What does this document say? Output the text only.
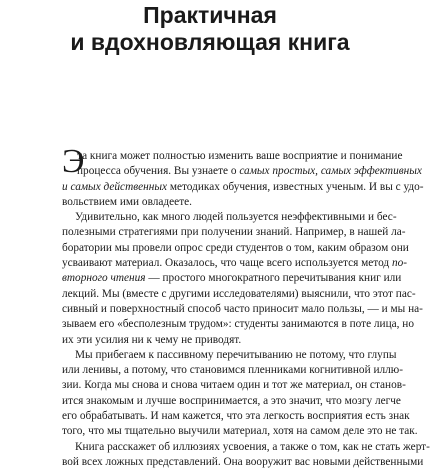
Практичная
и вдохновляющая книга
Э
та книга может полностью изменить ваше восприятие и понимание
процесса обучения. Вы узнаете о самых простых, самых эффективных
и самых действенных методиках обучения, известных ученым. И вы с удо-
вольствием ими овладеете.
Удивительно, как много людей пользуется неэффективными и бес-
полезными стратегиями при получении знаний. Например, в нашей ла-
боратории мы провели опрос среди студентов о том, каким образом они
усваивают материал. Оказалось, что чаще всего используется метод по-
вторного чтения — простого многократного перечитывания книг или
лекций. Мы (вместе с другими исследователями) выяснили, что этот пас-
сивный и поверхностный способ часто приносит мало пользы, — и мы на-
зываем его «бесполезным трудом»: студенты занимаются в поте лица, но
их эти усилия ни к чему не приводят.
Мы прибегаем к пассивному перечитыванию не потому, что глупы
или ленивы, а потому, что становимся пленниками когнитивной иллю-
зии. Когда мы снова и снова читаем один и тот же материал, он станов-
ится знакомым и лучше воспринимается, а это значит, что мозгу легче
его обрабатывать. И нам кажется, что эта легкость восприятия есть знак
того, что мы тщательно выучили материал, хотя на самом деле это не так.
Книга расскажет об иллюзиях усвоения, а также о том, как не стать жерт-
вой всех ложных представлений. Она вооружит вас новыми действенными
